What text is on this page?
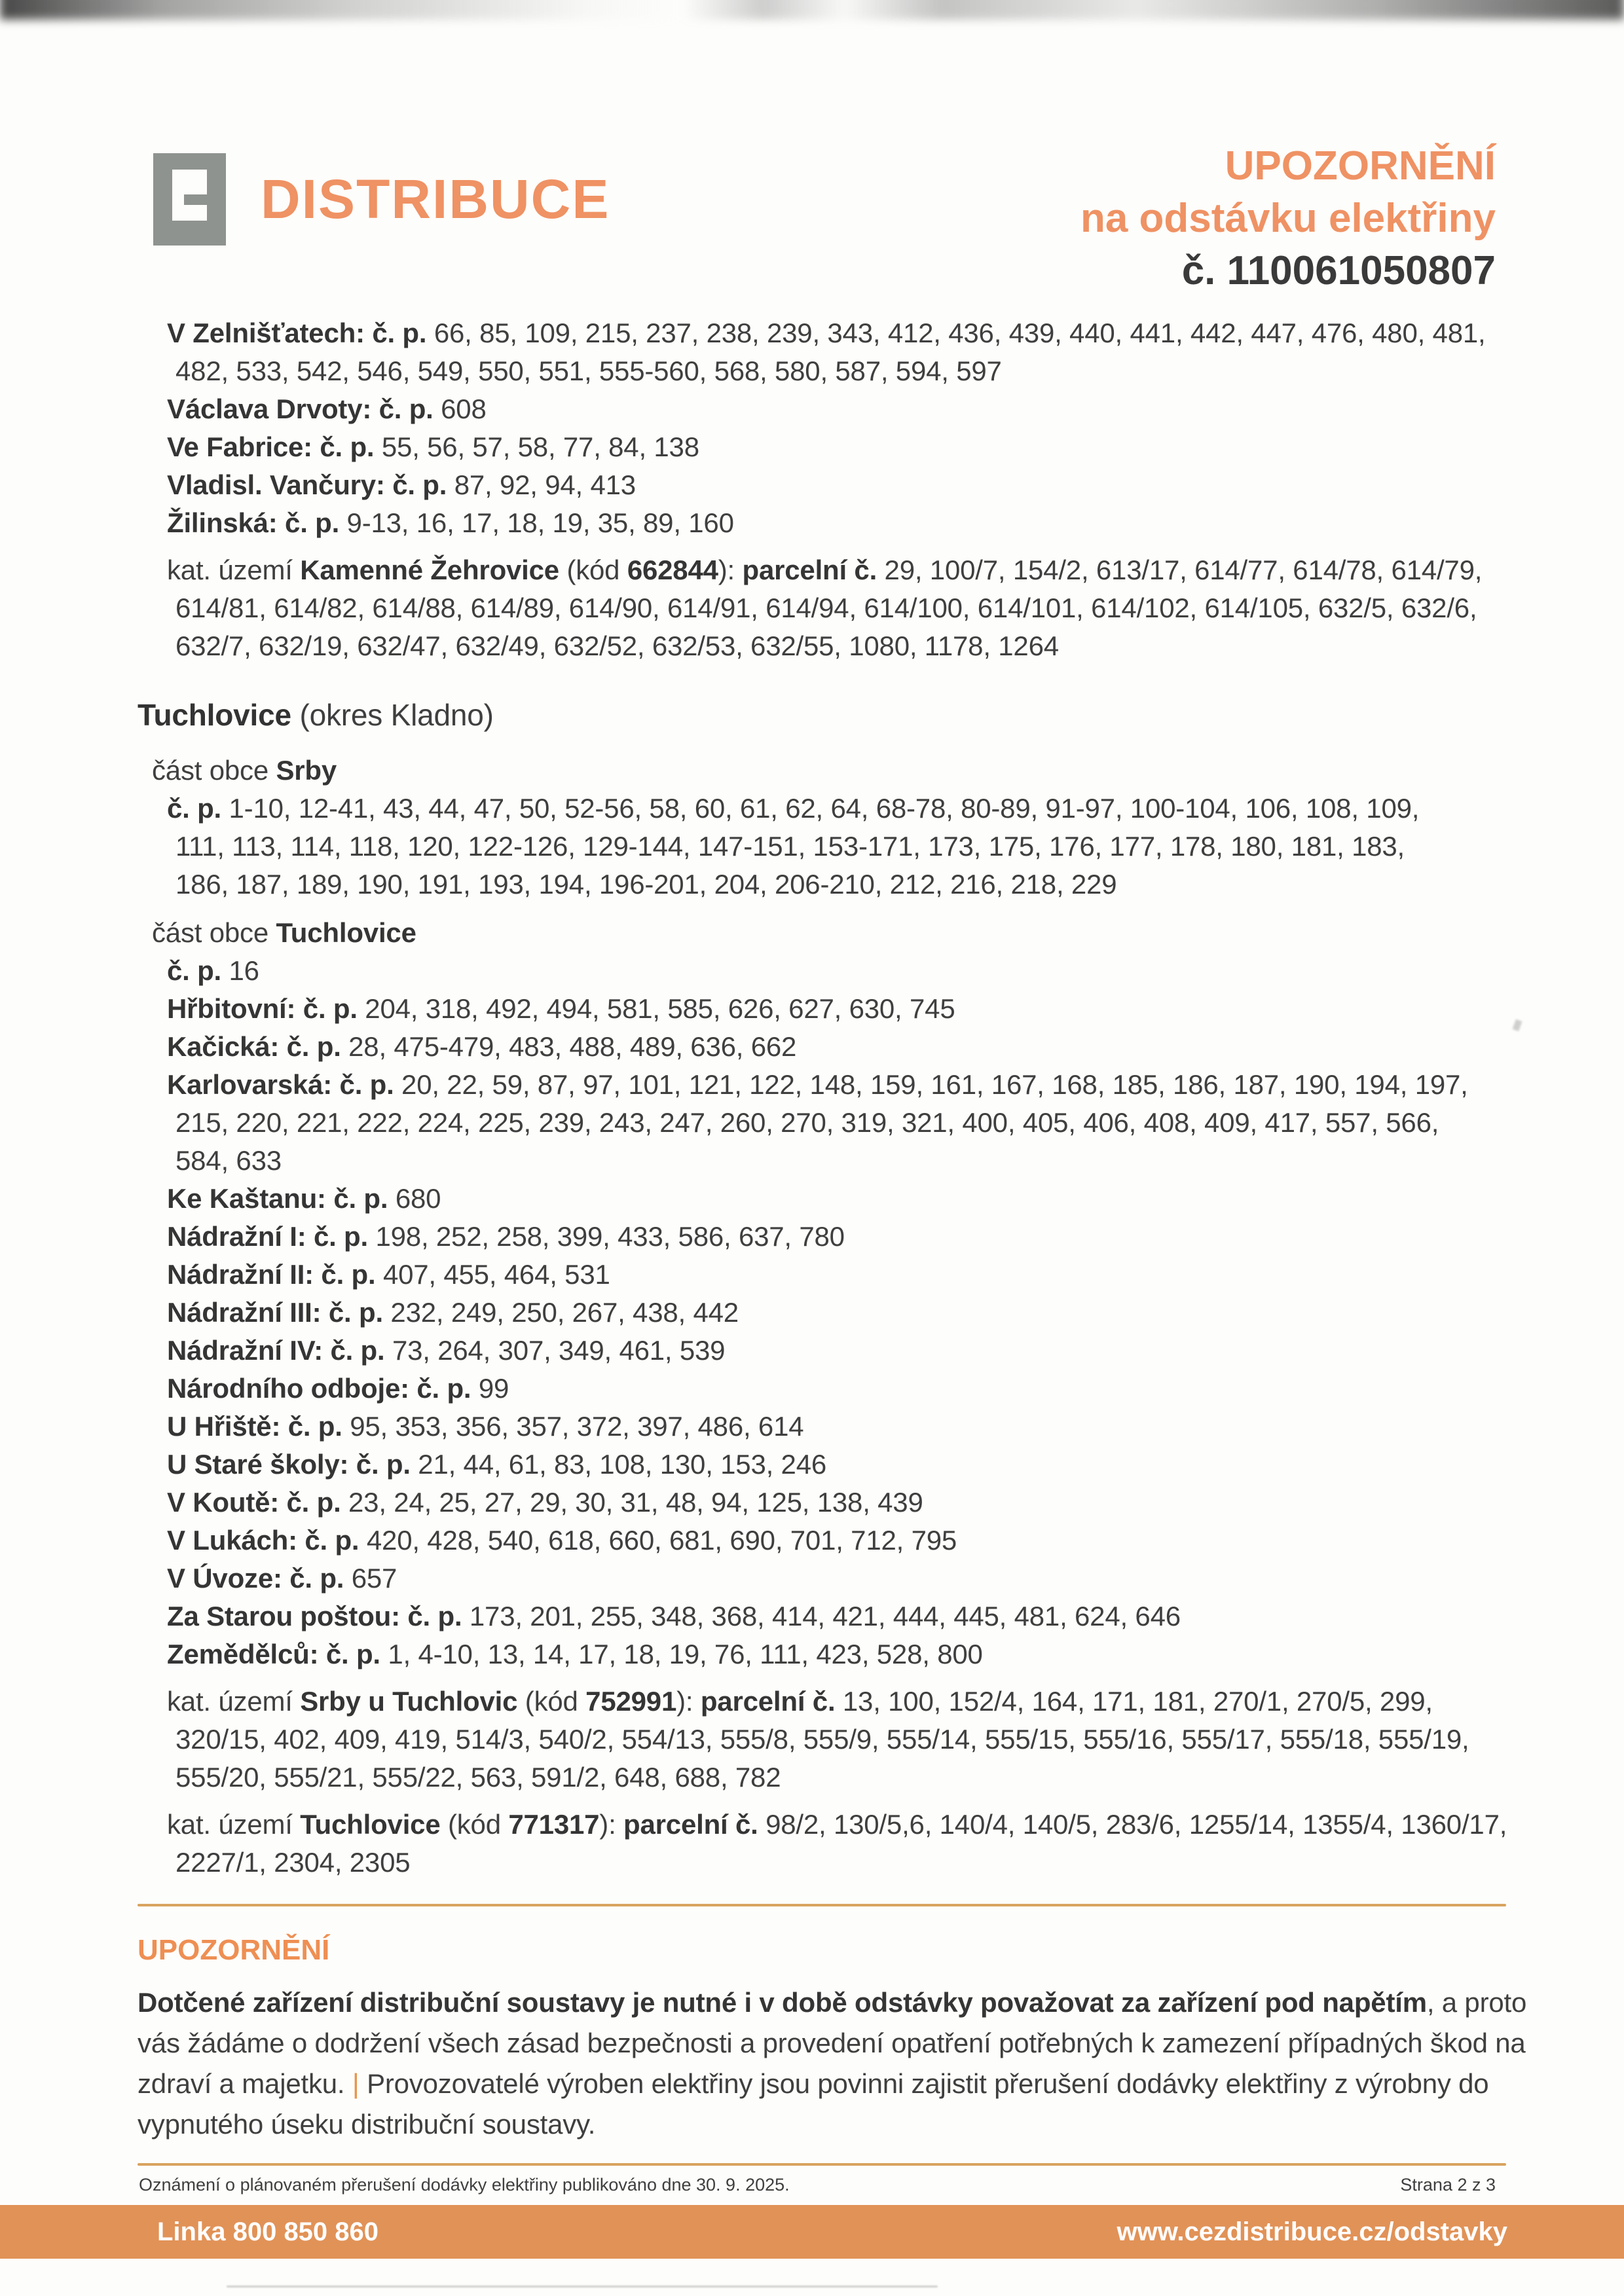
DISTRIBUCE
UPOZORNĚNÍ
na odstávku elektřiny
č. 110061050807
V Zelnišťatech: č. p. 66, 85, 109, 215, 237, 238, 239, 343, 412, 436, 439, 440, 441, 442, 447, 476, 480, 481,
482, 533, 542, 546, 549, 550, 551, 555-560, 568, 580, 587, 594, 597
Václava Drvoty: č. p. 608
Ve Fabrice: č. p. 55, 56, 57, 58, 77, 84, 138
Vladisl. Vančury: č. p. 87, 92, 94, 413
Žilinská: č. p. 9-13, 16, 17, 18, 19, 35, 89, 160
kat. území Kamenné Žehrovice (kód 662844): parcelní č. 29, 100/7, 154/2, 613/17, 614/77, 614/78, 614/79,
614/81, 614/82, 614/88, 614/89, 614/90, 614/91, 614/94, 614/100, 614/101, 614/102, 614/105, 632/5, 632/6,
632/7, 632/19, 632/47, 632/49, 632/52, 632/53, 632/55, 1080, 1178, 1264
Tuchlovice (okres Kladno)
část obce Srby
č. p. 1-10, 12-41, 43, 44, 47, 50, 52-56, 58, 60, 61, 62, 64, 68-78, 80-89, 91-97, 100-104, 106, 108, 109,
111, 113, 114, 118, 120, 122-126, 129-144, 147-151, 153-171, 173, 175, 176, 177, 178, 180, 181, 183,
186, 187, 189, 190, 191, 193, 194, 196-201, 204, 206-210, 212, 216, 218, 229
část obce Tuchlovice
č. p. 16
Hřbitovní: č. p. 204, 318, 492, 494, 581, 585, 626, 627, 630, 745
Kačická: č. p. 28, 475-479, 483, 488, 489, 636, 662
Karlovarská: č. p. 20, 22, 59, 87, 97, 101, 121, 122, 148, 159, 161, 167, 168, 185, 186, 187, 190, 194, 197,
215, 220, 221, 222, 224, 225, 239, 243, 247, 260, 270, 319, 321, 400, 405, 406, 408, 409, 417, 557, 566,
584, 633
Ke Kaštanu: č. p. 680
Nádražní I: č. p. 198, 252, 258, 399, 433, 586, 637, 780
Nádražní II: č. p. 407, 455, 464, 531
Nádražní III: č. p. 232, 249, 250, 267, 438, 442
Nádražní IV: č. p. 73, 264, 307, 349, 461, 539
Národního odboje: č. p. 99
U Hřiště: č. p. 95, 353, 356, 357, 372, 397, 486, 614
U Staré školy: č. p. 21, 44, 61, 83, 108, 130, 153, 246
V Koutě: č. p. 23, 24, 25, 27, 29, 30, 31, 48, 94, 125, 138, 439
V Lukách: č. p. 420, 428, 540, 618, 660, 681, 690, 701, 712, 795
V Úvoze: č. p. 657
Za Starou poštou: č. p. 173, 201, 255, 348, 368, 414, 421, 444, 445, 481, 624, 646
Zemědělců: č. p. 1, 4-10, 13, 14, 17, 18, 19, 76, 111, 423, 528, 800
kat. území Srby u Tuchlovic (kód 752991): parcelní č. 13, 100, 152/4, 164, 171, 181, 270/1, 270/5, 299,
320/15, 402, 409, 419, 514/3, 540/2, 554/13, 555/8, 555/9, 555/14, 555/15, 555/16, 555/17, 555/18, 555/19,
555/20, 555/21, 555/22, 563, 591/2, 648, 688, 782
kat. území Tuchlovice (kód 771317): parcelní č. 98/2, 130/5,6, 140/4, 140/5, 283/6, 1255/14, 1355/4, 1360/17,
2227/1, 2304, 2305
UPOZORNĚNÍ
Dotčené zařízení distribuční soustavy je nutné i v době odstávky považovat za zařízení pod napětím, a proto
vás žádáme o dodržení všech zásad bezpečnosti a provedení opatření potřebných k zamezení případných škod na
zdraví a majetku. | Provozovatelé výroben elektřiny jsou povinni zajistit přerušení dodávky elektřiny z výrobny do
vypnutého úseku distribuční soustavy.
Oznámení o plánovaném přerušení dodávky elektřiny publikováno dne 30. 9. 2025.	Strana 2 z 3
Linka 800 850 860	www.cezdistribuce.cz/odstavky
